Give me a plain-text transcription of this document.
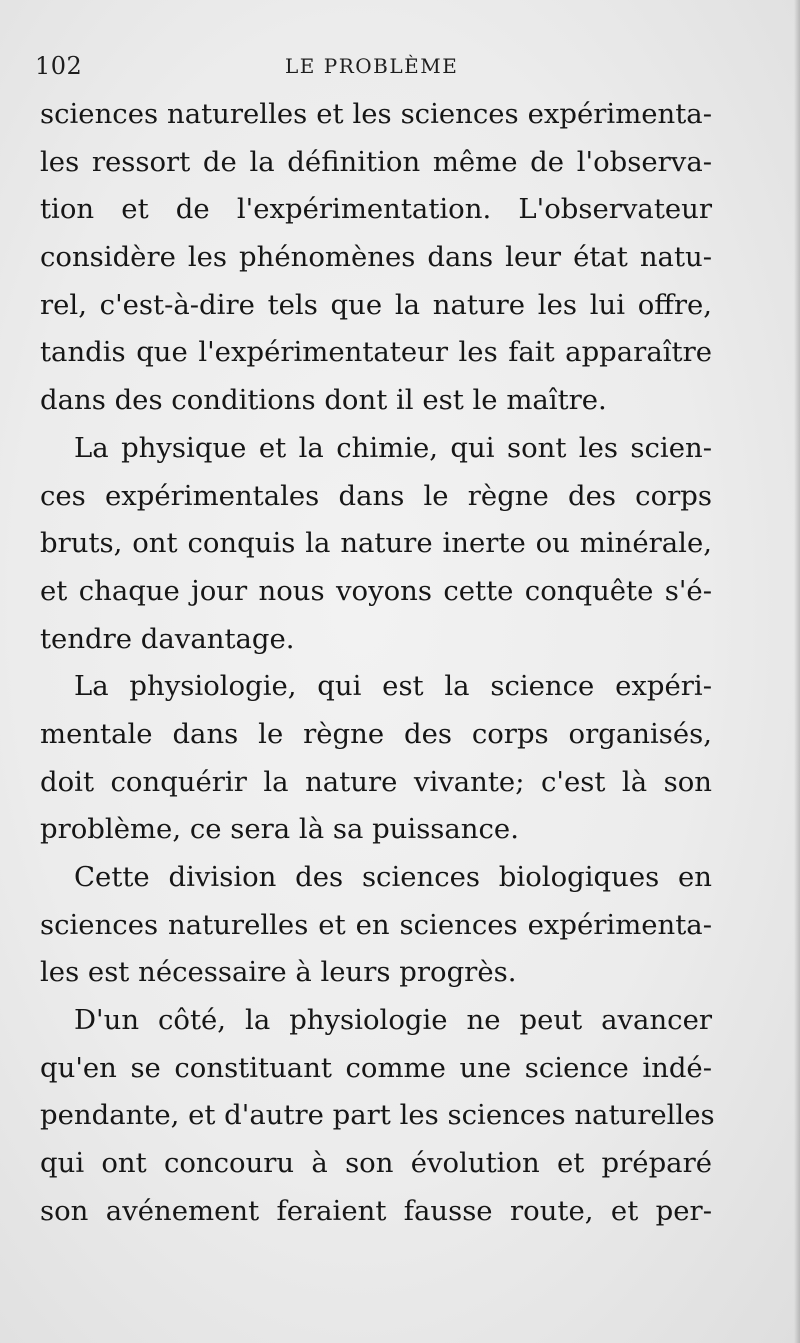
102	LE PROBLÈME
sciences naturelles et les sciences expérimenta-
les ressort de la définition même de l'observa-
tion et de l'expérimentation. L'observateur
considère les phénomènes dans leur état natu-
rel, c'est-à-dire tels que la nature les lui offre,
tandis que l'expérimentateur les fait apparaître
dans des conditions dont il est le maître.
La physique et la chimie, qui sont les scien-
ces expérimentales dans le règne des corps
bruts, ont conquis la nature inerte ou minérale,
et chaque jour nous voyons cette conquête s'é-
tendre davantage.
La physiologie, qui est la science expéri-
mentale dans le règne des corps organisés,
doit conquérir la nature vivante; c'est là son
problème, ce sera là sa puissance.
Cette division des sciences biologiques en
sciences naturelles et en sciences expérimenta-
les est nécessaire à leurs progrès.
D'un côté, la physiologie ne peut avancer
qu'en se constituant comme une science indé-
pendante, et d'autre part les sciences naturelles
qui ont concouru à son évolution et préparé
son avénement feraient fausse route, et per-
